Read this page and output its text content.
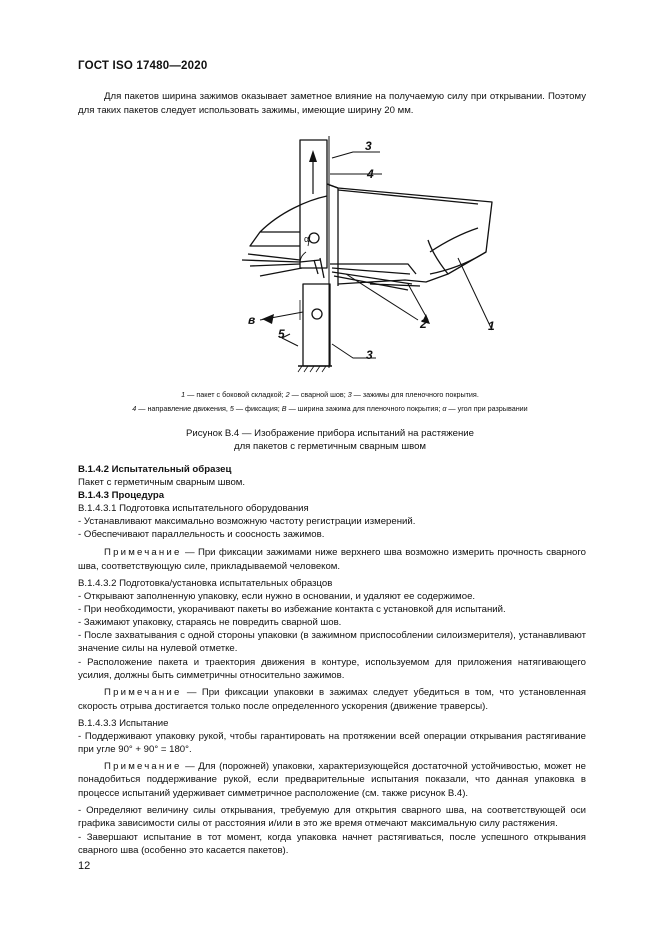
ГОСТ ISO 17480—2020
Для пакетов ширина зажимов оказывает заметное влияние на получаемую силу при открывании. Поэтому для таких пакетов следует использовать зажимы, имеющие ширину 20 мм.
3
4
5
3
2	1
в
α
1 — пакет с боковой складкой; 2 — сварной шов; 3 — зажимы для пленочного покрытия.
4 — направление движения, 5 — фиксация; B — ширина зажима для пленочного покрытия; α — угол при разрывании
Рисунок В.4 — Изображение прибора испытаний на растяжение
для пакетов с герметичным сварным швом
В.1.4.2 Испытательный образец
Пакет с герметичным сварным швом.
В.1.4.3 Процедура
В.1.4.3.1 Подготовка испытательного оборудования
- Устанавливают максимально возможную частоту регистрации измерений.
- Обеспечивают параллельность и соосность зажимов.
Примечание — При фиксации зажимами ниже верхнего шва возможно измерить прочность сварного шва, соответствующую силе, прикладываемой человеком.
В.1.4.3.2 Подготовка/установка испытательных образцов
- Открывают заполненную упаковку, если нужно в основании, и удаляют ее содержимое.
- При необходимости, укорачивают пакеты во избежание контакта с установкой для испытаний.
- Зажимают упаковку, стараясь не повредить сварной шов.
- После захватывания с одной стороны упаковки (в зажимном приспособлении силоизмерителя), устанавливают значение силы на нулевой отметке.
- Расположение пакета и траектория движения в контуре, используемом для приложения натягивающего усилия, должны быть симметричны относительно зажимов.
Примечание — При фиксации упаковки в зажимах следует убедиться в том, что установленная скорость отрыва достигается только после определенного ускорения (движение траверсы).
В.1.4.3.3 Испытание
- Поддерживают упаковку рукой, чтобы гарантировать на протяжении всей операции открывания растягивание при угле 90° + 90° = 180°.
Примечание — Для (порожней) упаковки, характеризующейся достаточной устойчивостью, может не понадобиться поддерживание рукой, если предварительные испытания показали, что данная упаковка в процессе испытаний удерживает симметричное расположение (см. также рисунок В.4).
- Определяют величину силы открывания, требуемую для открытия сварного шва, на соответствующей оси графика зависимости силы от расстояния и/или в это же время отмечают максимальную силу растяжения.
- Завершают испытание в тот момент, когда упаковка начнет растягиваться, после успешного открывания сварного шва (особенно это касается пакетов).
12
